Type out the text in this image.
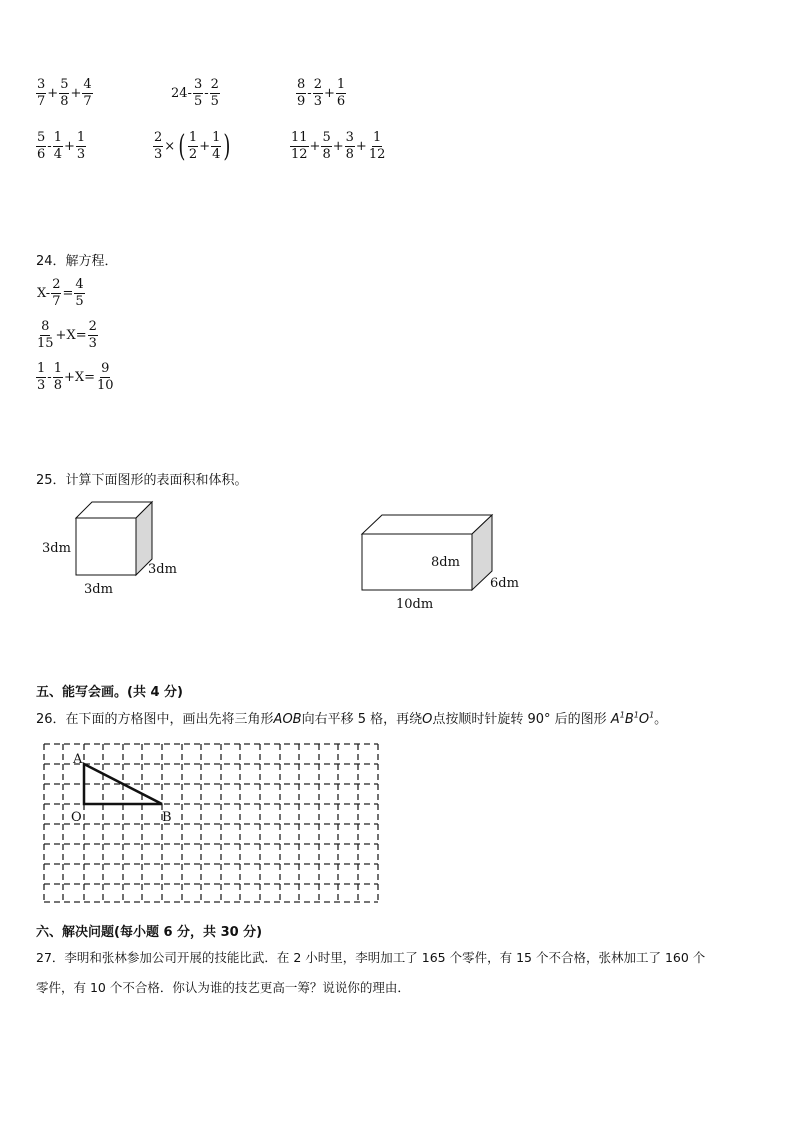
$\frac{3}{7} + \frac{5}{8} + \frac{4}{7}$	$24- \frac{3}{5} - \frac{2}{5}$	$\frac{8}{9} - \frac{2}{3} + \frac{1}{6}$
$\frac{5}{6} - \frac{1}{4} + \frac{1}{3}$	$\frac{2}{3}$ × ( $\frac{1}{2} + \frac{1}{4}$ )	$\frac{11}{12} + \frac{5}{8} + \frac{3}{8} + \frac{1}{12}$
24．解方程．
$X- \frac{2}{7} = \frac{4}{5}$
$\frac{8}{15} +X= \frac{2}{3}$
$\frac{1}{3} - \frac{1}{8} +X= \frac{9}{10}$
25．计算下面图形的表面积和体积。
3dm
3dm
3dm
8dm
6dm
10dm
五、能写会画。(共 4 分)
26．在下面的方格图中，画出先将三角形AOB向右平移 5 格，再绕O点按顺时针旋转 90° 后的图形 $A^1B^1O^1$。
A
O	B
六、解决问题(每小题 6 分，共 30 分)
27．李明和张林参加公司开展的技能比武．在 2 小时里，李明加工了 165 个零件，有 15 个不合格，张林加工了 160 个
零件，有 10 个不合格．你认为谁的技艺更高一筹？说说你的理由．
